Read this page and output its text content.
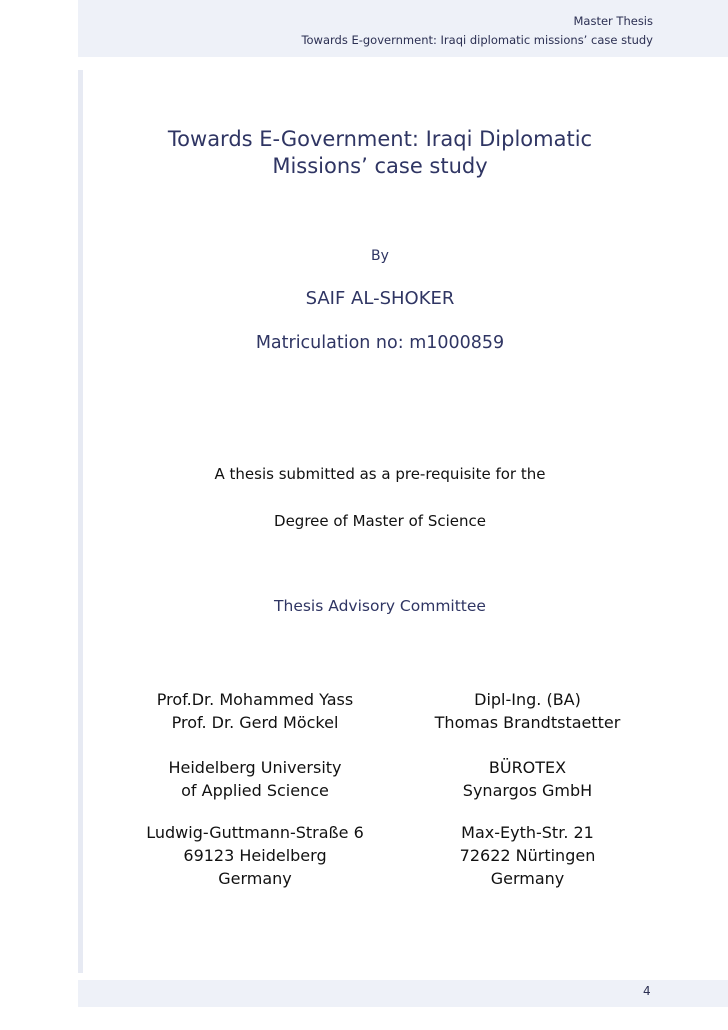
Master Thesis
Towards E-government: Iraqi diplomatic missions’ case study
Towards E-Government: Iraqi Diplomatic
Missions’ case study
By
SAIF AL-SHOKER
Matriculation no: m1000859
A thesis submitted as a pre-requisite for the
Degree of Master of Science
Thesis Advisory Committee
Prof.Dr. Mohammed Yass
Prof. Dr. Gerd Möckel
Heidelberg University
of Applied Science
Ludwig-Guttmann-Straße 6
69123 Heidelberg
Germany
Dipl-Ing. (BA)
Thomas Brandtstaetter
BÜROTEX
Synargos GmbH
Max-Eyth-Str. 21
72622 Nürtingen
Germany
4
